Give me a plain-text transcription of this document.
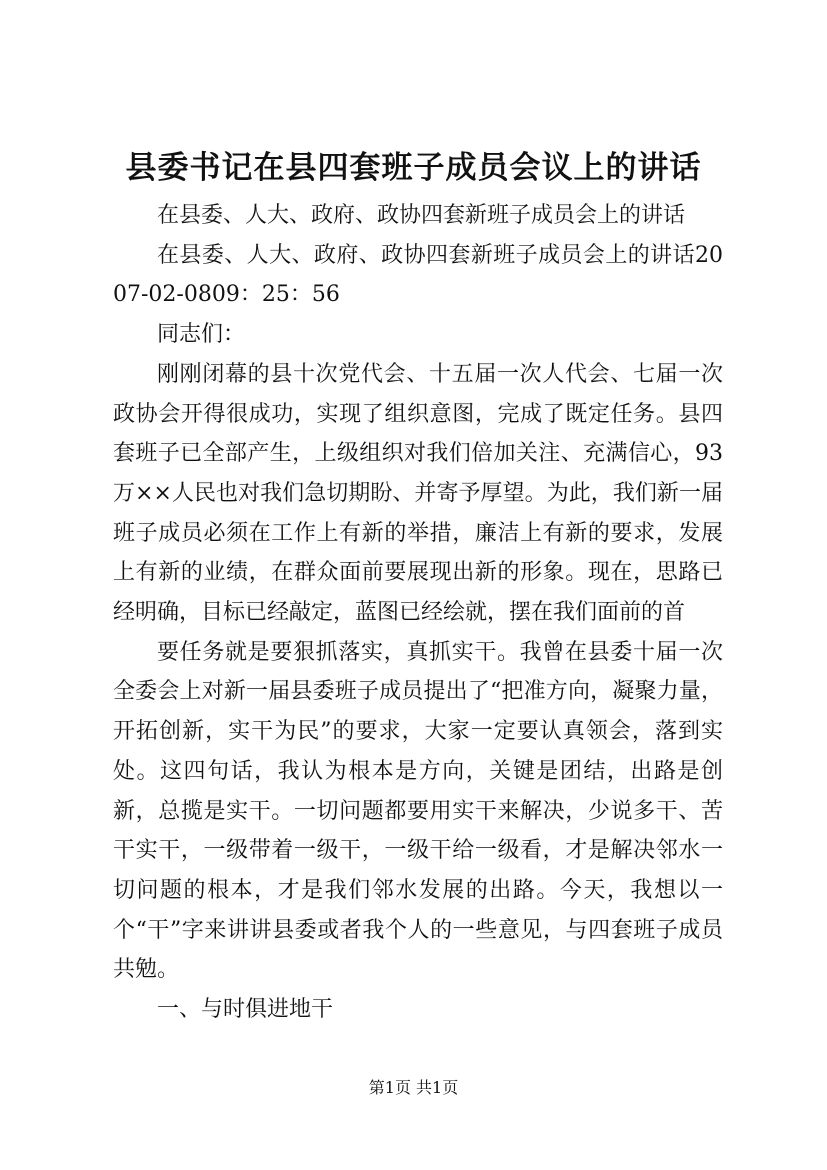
县委书记在县四套班子成员会议上的讲话

在县委、人大、政府、政协四套新班子成员会上的讲话

在县委、人大、政府、政协四套新班子成员会上的讲话2007-02-0809：25：56

同志们：

刚刚闭幕的县十次党代会、十五届一次人代会、七届一次政协会开得很成功，实现了组织意图，完成了既定任务。县四套班子已全部产生，上级组织对我们倍加关注、充满信心，93万××人民也对我们急切期盼、并寄予厚望。为此，我们新一届班子成员必须在工作上有新的举措，廉洁上有新的要求，发展上有新的业绩，在群众面前要展现出新的形象。现在，思路已经明确，目标已经敲定，蓝图已经绘就，摆在我们面前的首

要任务就是要狠抓落实，真抓实干。我曾在县委十届一次全委会上对新一届县委班子成员提出了“把准方向，凝聚力量，开拓创新，实干为民”的要求，大家一定要认真领会，落到实处。这四句话，我认为根本是方向，关键是团结，出路是创新，总揽是实干。一切问题都要用实干来解决，少说多干、苦干实干，一级带着一级干，一级干给一级看，才是解决邻水一切问题的根本，才是我们邻水发展的出路。今天，我想以一个“干”字来讲讲县委或者我个人的一些意见，与四套班子成员共勉。

一、与时俱进地干

第1页 共1页
